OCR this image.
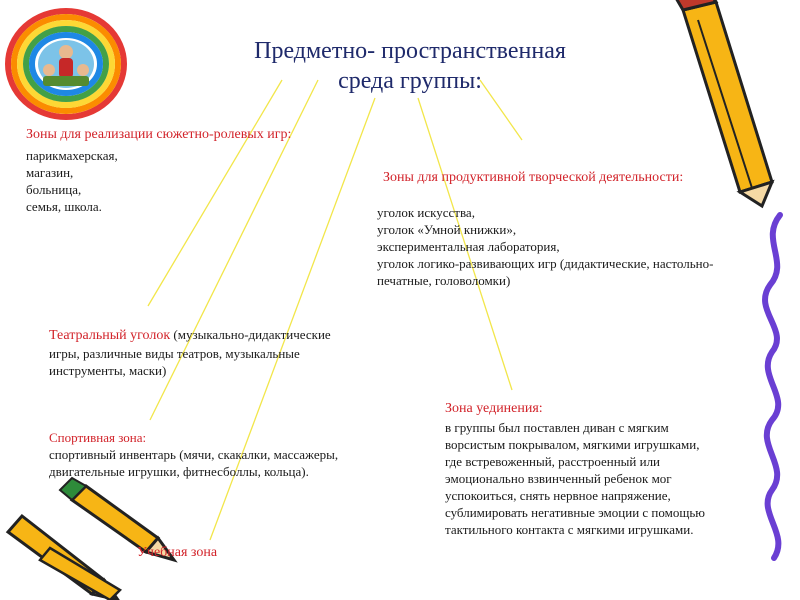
Предметно- пространственная
среда группы:
Зоны для реализации сюжетно-ролевых игр:
парикмахерская,
магазин,
больница,
семья, школа.
Зоны для продуктивной творческой деятельности:
уголок искусства,
уголок «Умной книжки»,
экспериментальная лаборатория,
уголок логико-развивающих игр (дидактические, настольно-
печатные, головоломки)
Театральный уголок (музыкально-дидактические
игры, различные виды театров, музыкальные
инструменты, маски)
Спортивная зона:
спортивный инвентарь (мячи, скакалки, массажеры,
двигательные игрушки, фитнесболлы, кольца).
Зона уединения:
в группы был поставлен диван с мягким
ворсистым покрывалом, мягкими игрушками,
где встревоженный, расстроенный или
эмоционально взвинченный ребенок мог
успокоиться, снять нервное напряжение,
сублимировать негативные эмоции с помощью
тактильного контакта с мягкими игрушками.
Учебная зона
